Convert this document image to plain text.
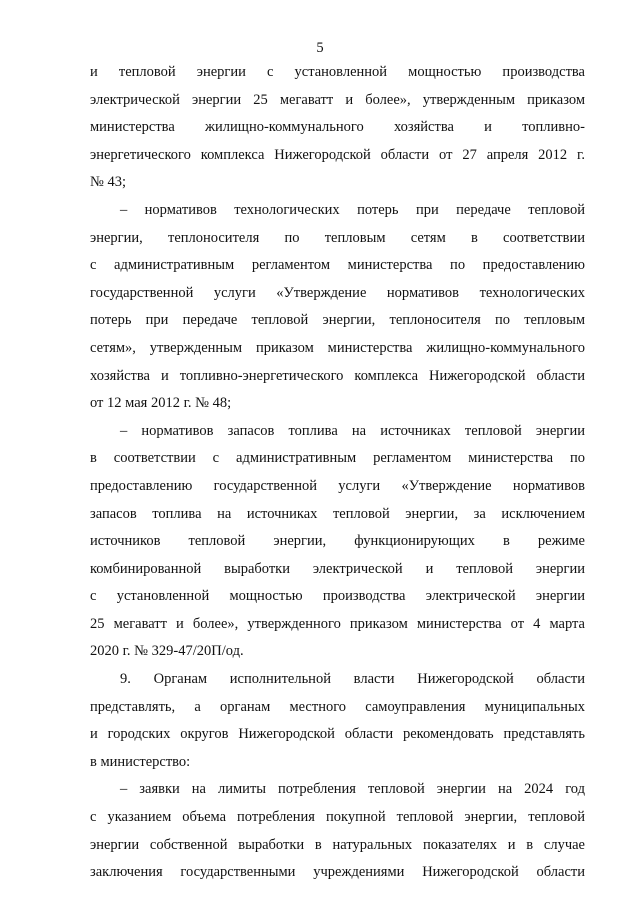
5
и тепловой энергии с установленной мощностью производства
электрической энергии 25 мегаватт и более», утвержденным приказом
министерства жилищно-коммунального хозяйства и топливно-
энергетического комплекса Нижегородской области от 27 апреля 2012 г.
№ 43;
– нормативов технологических потерь при передаче тепловой
энергии, теплоносителя по тепловым сетям в соответствии
с административным регламентом министерства по предоставлению
государственной услуги «Утверждение нормативов технологических
потерь при передаче тепловой энергии, теплоносителя по тепловым
сетям», утвержденным приказом министерства жилищно-коммунального
хозяйства и топливно-энергетического комплекса Нижегородской области
от 12 мая 2012 г. № 48;
– нормативов запасов топлива на источниках тепловой энергии
в соответствии с административным регламентом министерства по
предоставлению государственной услуги «Утверждение нормативов
запасов топлива на источниках тепловой энергии, за исключением
источников тепловой энергии, функционирующих в режиме
комбинированной выработки электрической и тепловой энергии
с установленной мощностью производства электрической энергии
25 мегаватт и более», утвержденного приказом министерства от 4 марта
2020 г. № 329-47/20П/од.
9. Органам исполнительной власти Нижегородской области
представлять, а органам местного самоуправления муниципальных
и городских округов Нижегородской области рекомендовать представлять
в министерство:
– заявки на лимиты потребления тепловой энергии на 2024 год
с указанием объема потребления покупной тепловой энергии, тепловой
энергии собственной выработки в натуральных показателях и в случае
заключения государственными учреждениями Нижегородской области
